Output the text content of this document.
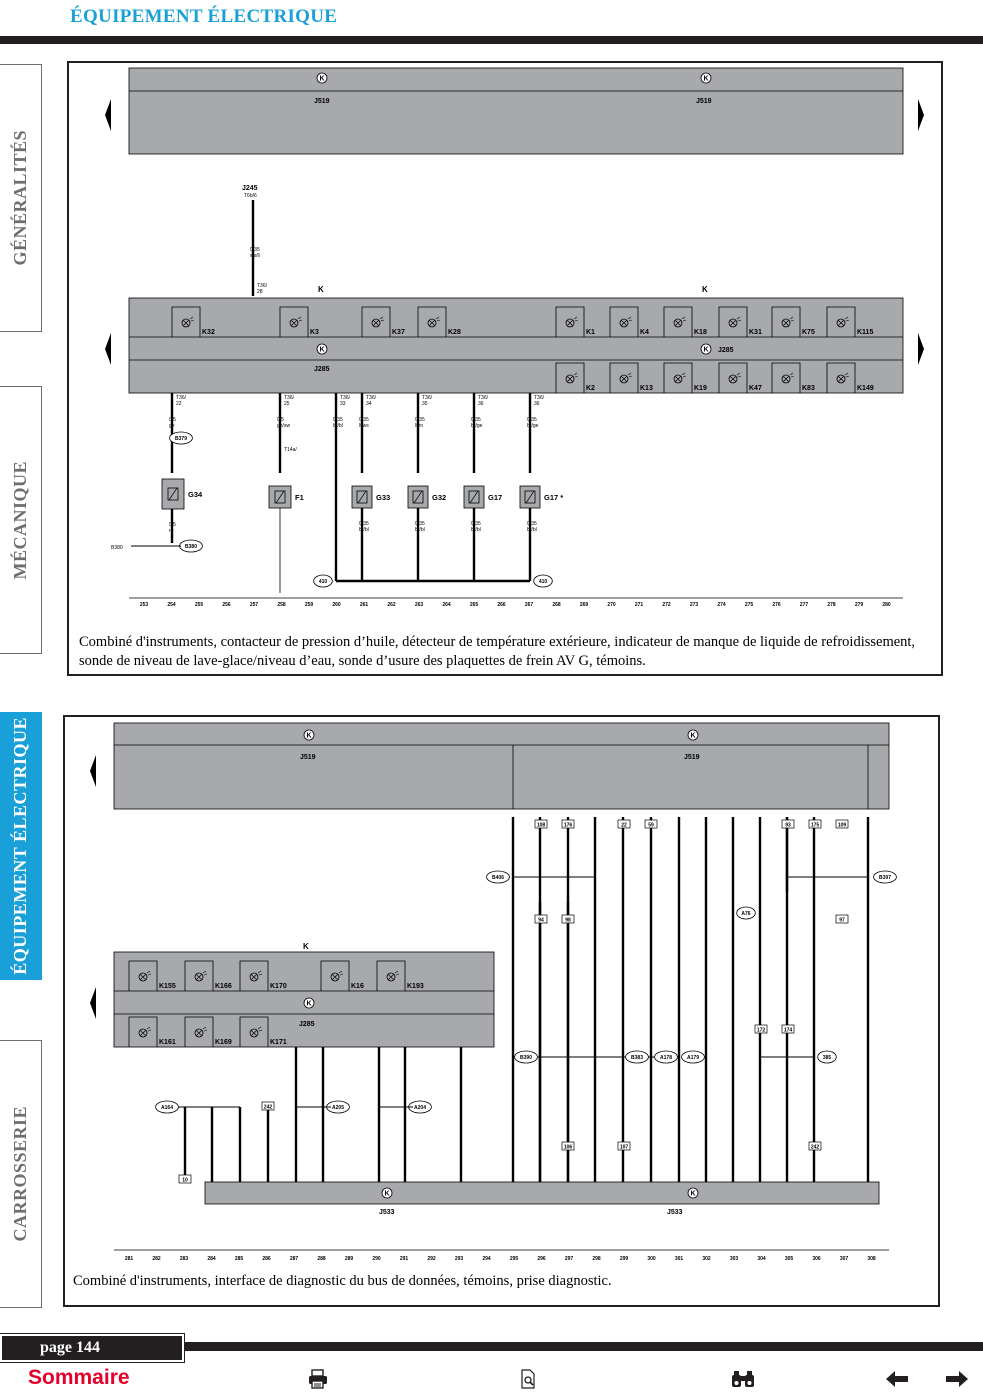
ÉQUIPEMENT ÉLECTRIQUE
GÉNÉRALITÉS
MÉCANIQUE
ÉQUIPEMENT ÉLECTRIQUE
CARROSSERIE
K	K
J519	J519
J245
T6b/6
0,35
ws/li
T36/
28	K	K
K	K J285
J285
K32	K3	K37	K28	K1	K4	K18	K31	K75	K115
K2	K13	K19	K47	K83	K149
T36/
22
0,5
ge
T36/
25
0,5
gn/sw
T36/
33
0,35
br/bl
T36/
34
0,35
li/ws
T36/
35
0,35
li/ro
T36/
36
0,35
br/ge
T36/
36
0,35
br/ge
B379
G34
0,5
ro
B380
B380
T14a/
F1	G33
0,35
br/bl
G32
0,35
br/bl
G17
0,35
br/bl
G17 *
0,35
br/bl
410	410
253	254	255	256	257	258	259	260	261	262	263	264	265	266	267	268	269	270	271	272	273	274	275	276	277	278	279	280
Combiné d'instruments, contacteur de pression d’huile, détecteur de température extérieure, indicateur de manque de liquide de refroidissement, sonde de niveau de lave-glace/niveau d’eau, sonde d’usure des plaquettes de frein AV G, témoins.
K	K
J519	J519
K
K
J285
K155	K166	K170	K16	K193
K161	K169	K171
K	K
J533	J533
A164	A205	A204
242
10
B406	B397
A76
B390	B383	A178	A179	385
108	176	22	59	93	175	109
94	98	97
172	174
242
106	107
281	282	283	284	285	286	287	288	289	290	291	292	293	294	295	296	297	298	299	300	301	302	303	304	305	306	307	308
Combiné d'instruments, interface de diagnostic du bus de données, témoins, prise diagnostic.
page 144
Sommaire
